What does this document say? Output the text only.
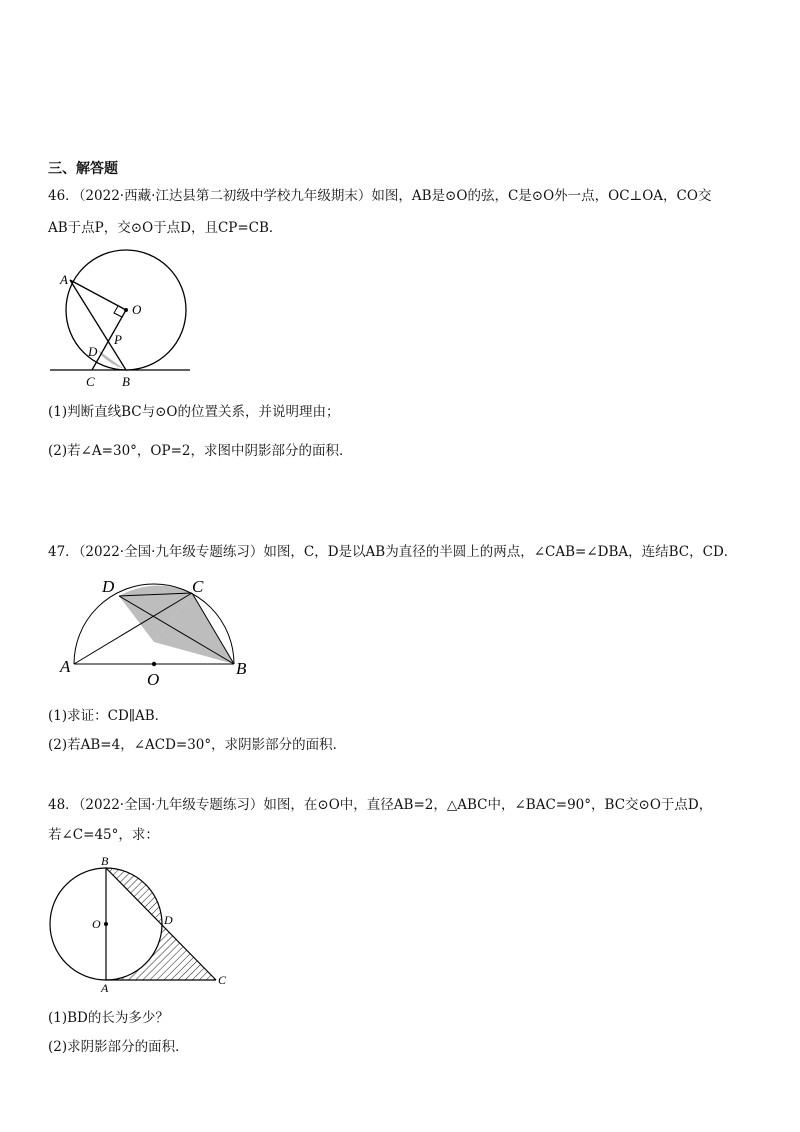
三、解答题
46．（2022·西藏·江达县第二初级中学校九年级期末）如图，AB是⊙O的弦，C是⊙O外一点，OC⊥OA，CO交
AB于点P，交⊙O于点D，且CP=CB．
A
O
P
D
C B
(1)判断直线BC与⊙O的位置关系，并说明理由；
(2)若∠A=30°，OP=2，求图中阴影部分的面积．
47．（2022·全国·九年级专题练习）如图，C，D是以AB为直径的半圆上的两点，∠CAB=∠DBA，连结BC，CD．
D	C
A
O
B
(1)求证：CD∥AB．
(2)若AB=4，∠ACD=30°，求阴影部分的面积．
48．（2022·全国·九年级专题练习）如图，在⊙O中，直径AB=2，△ABC中，∠BAC=90°，BC交⊙O于点D，
若∠C=45°，求：
B
O	D
A
C
(1)BD的长为多少？
(2)求阴影部分的面积．
